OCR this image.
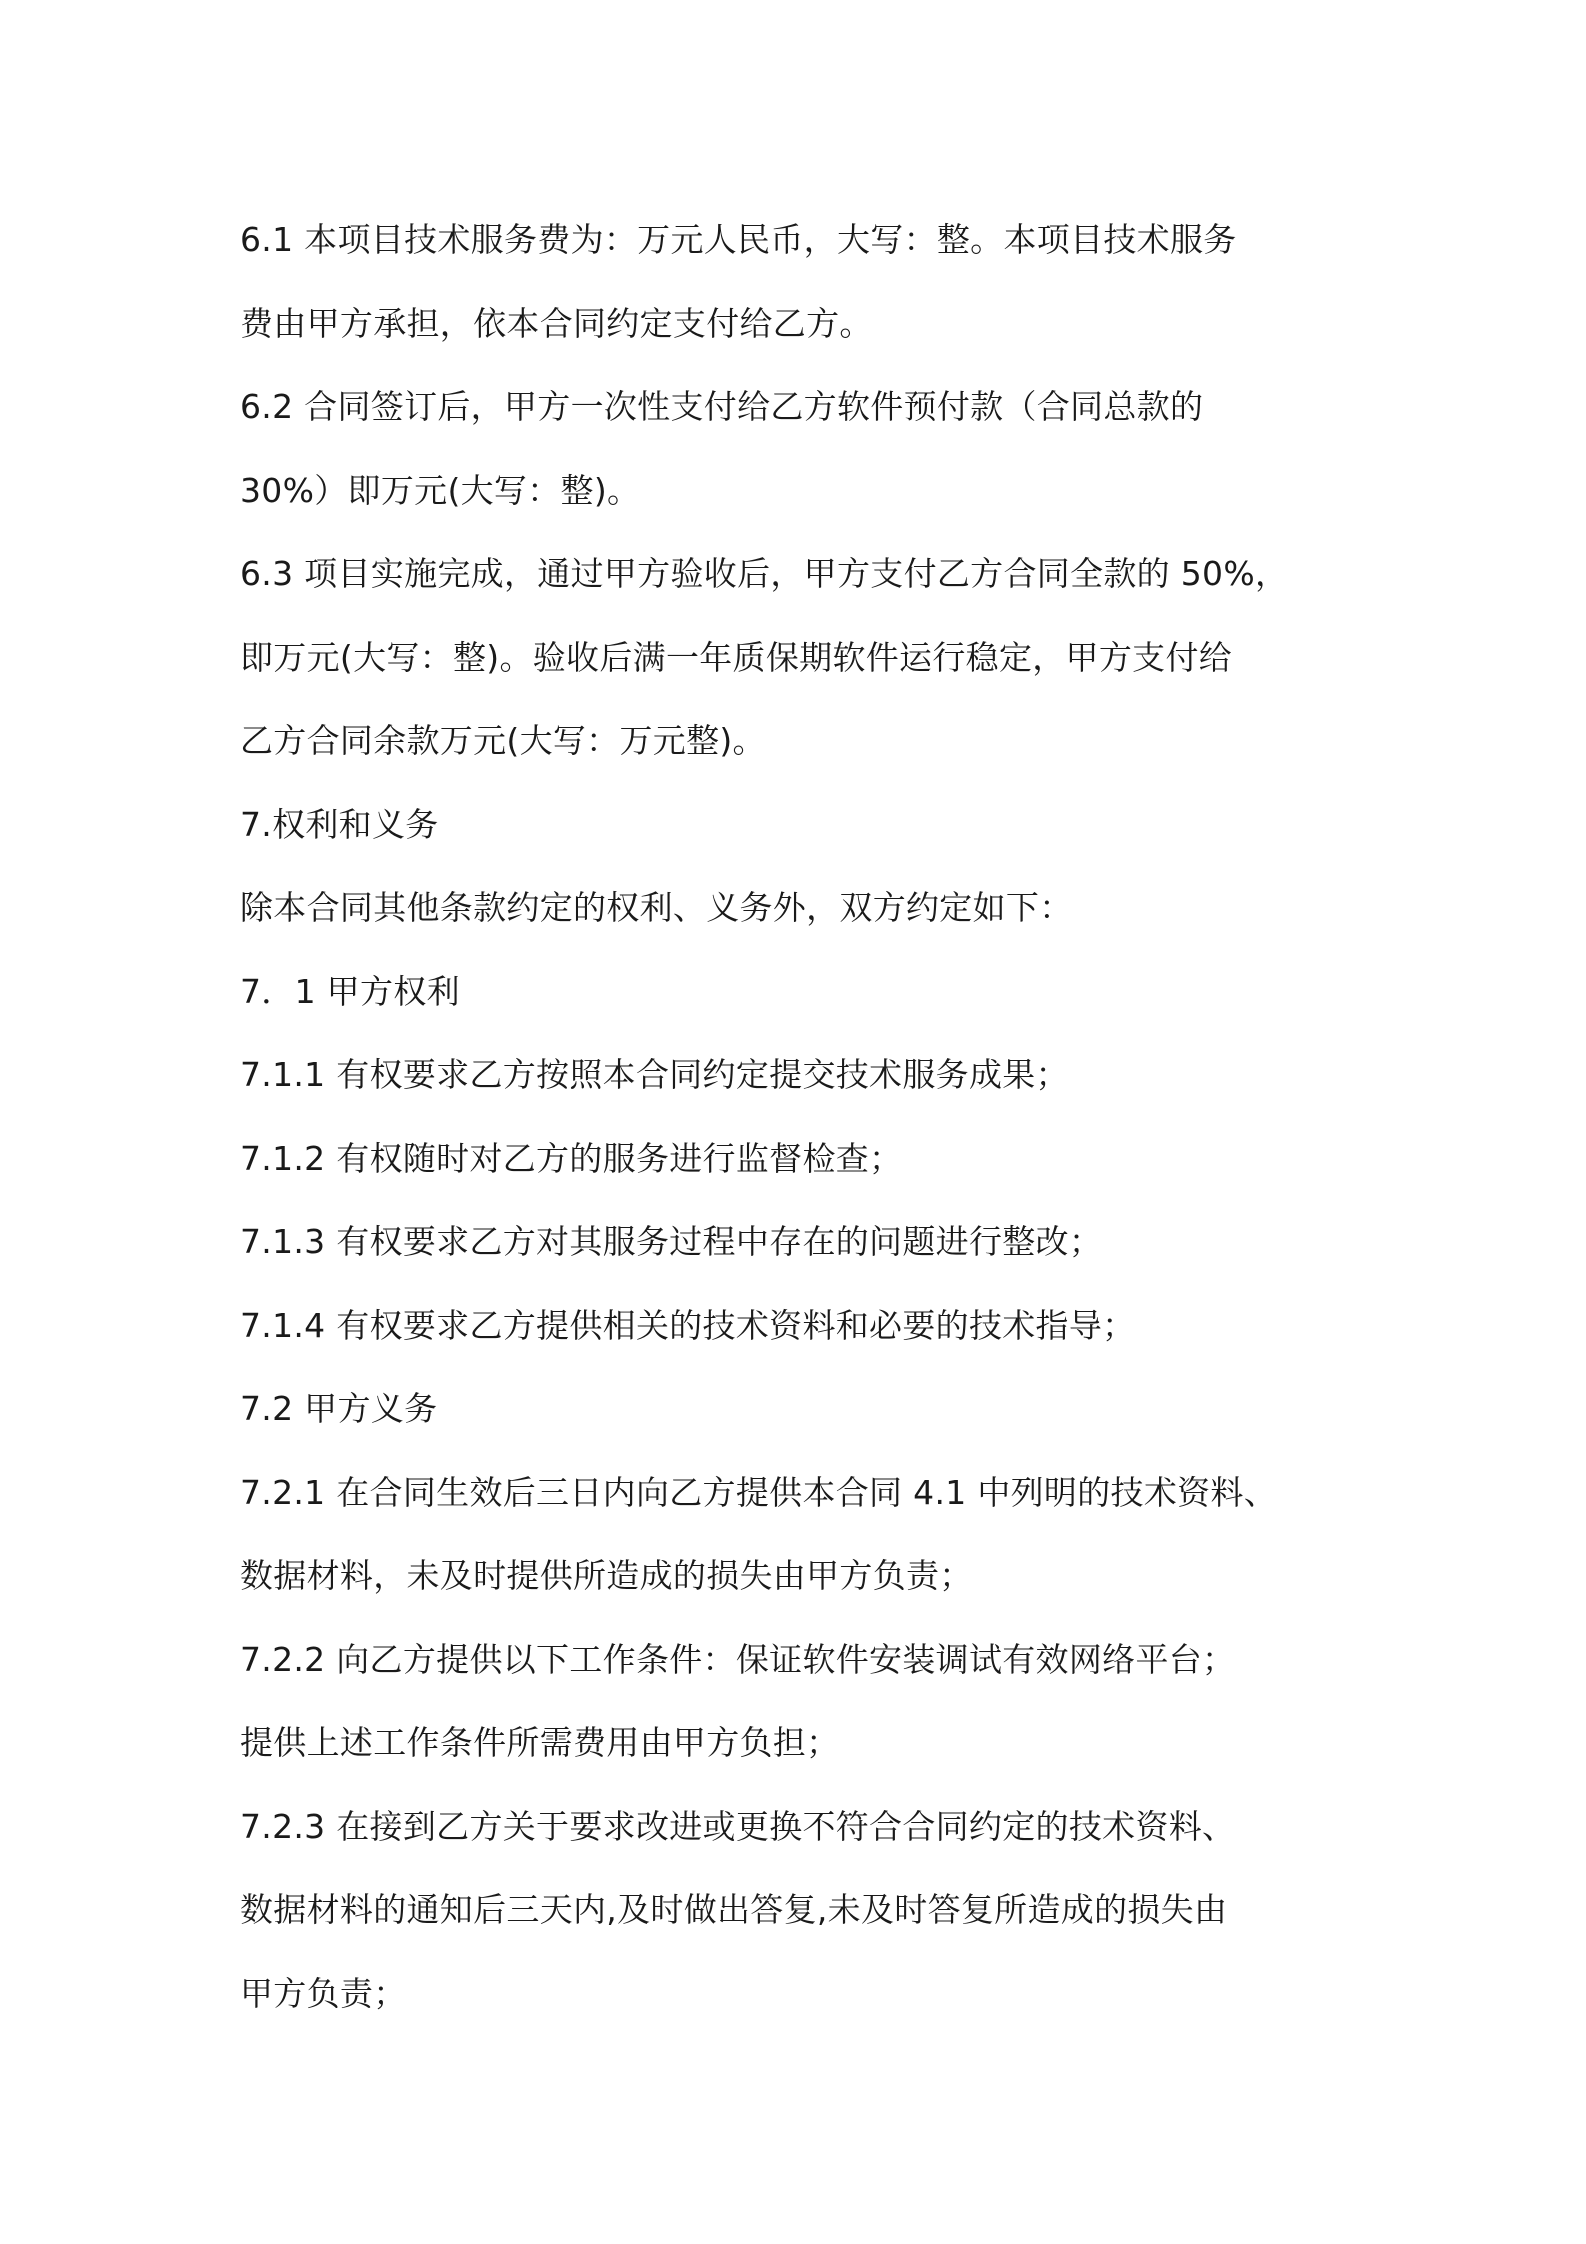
6.1 本项目技术服务费为：万元人民币，大写：整。本项目技术服务
费由甲方承担，依本合同约定支付给乙方。
6.2 合同签订后，甲方一次性支付给乙方软件预付款（合同总款的
30%）即万元(大写：整)。
6.3 项目实施完成，通过甲方验收后，甲方支付乙方合同全款的 50%，
即万元(大写：整)。验收后满一年质保期软件运行稳定，甲方支付给
乙方合同余款万元(大写：万元整)。
7.权利和义务
除本合同其他条款约定的权利、义务外，双方约定如下：
7．1 甲方权利
7.1.1 有权要求乙方按照本合同约定提交技术服务成果；
7.1.2 有权随时对乙方的服务进行监督检查；
7.1.3 有权要求乙方对其服务过程中存在的问题进行整改；
7.1.4 有权要求乙方提供相关的技术资料和必要的技术指导；
7.2 甲方义务
7.2.1 在合同生效后三日内向乙方提供本合同 4.1 中列明的技术资料、
数据材料，未及时提供所造成的损失由甲方负责；
7.2.2 向乙方提供以下工作条件：保证软件安装调试有效网络平台；
提供上述工作条件所需费用由甲方负担；
7.2.3 在接到乙方关于要求改进或更换不符合合同约定的技术资料、
数据材料的通知后三天内,及时做出答复,未及时答复所造成的损失由
甲方负责；
